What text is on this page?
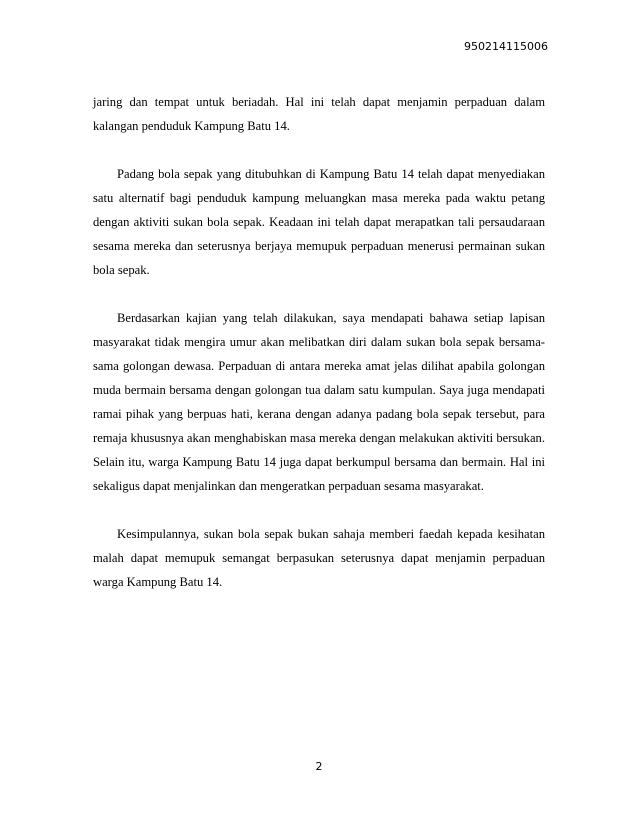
950214115006

jaring dan tempat untuk beriadah. Hal ini telah dapat menjamin perpaduan dalam kalangan penduduk Kampung Batu 14.

Padang bola sepak yang ditubuhkan di Kampung Batu 14 telah dapat menyediakan satu alternatif bagi penduduk kampung meluangkan masa mereka pada waktu petang dengan aktiviti sukan bola sepak. Keadaan ini telah dapat merapatkan tali persaudaraan sesama mereka dan seterusnya berjaya memupuk perpaduan menerusi permainan sukan bola sepak.

Berdasarkan kajian yang telah dilakukan, saya mendapati bahawa setiap lapisan masyarakat tidak mengira umur akan melibatkan diri dalam sukan bola sepak bersama-sama golongan dewasa. Perpaduan di antara mereka amat jelas dilihat apabila golongan muda bermain bersama dengan golongan tua dalam satu kumpulan. Saya juga mendapati ramai pihak yang berpuas hati, kerana dengan adanya padang bola sepak tersebut, para remaja khususnya akan menghabiskan masa mereka dengan melakukan aktiviti bersukan. Selain itu, warga Kampung Batu 14 juga dapat berkumpul bersama dan bermain. Hal ini sekaligus dapat menjalinkan dan mengeratkan perpaduan sesama masyarakat.

Kesimpulannya, sukan bola sepak bukan sahaja memberi faedah kepada kesihatan malah dapat memupuk semangat berpasukan seterusnya dapat menjamin perpaduan warga Kampung Batu 14.

2
